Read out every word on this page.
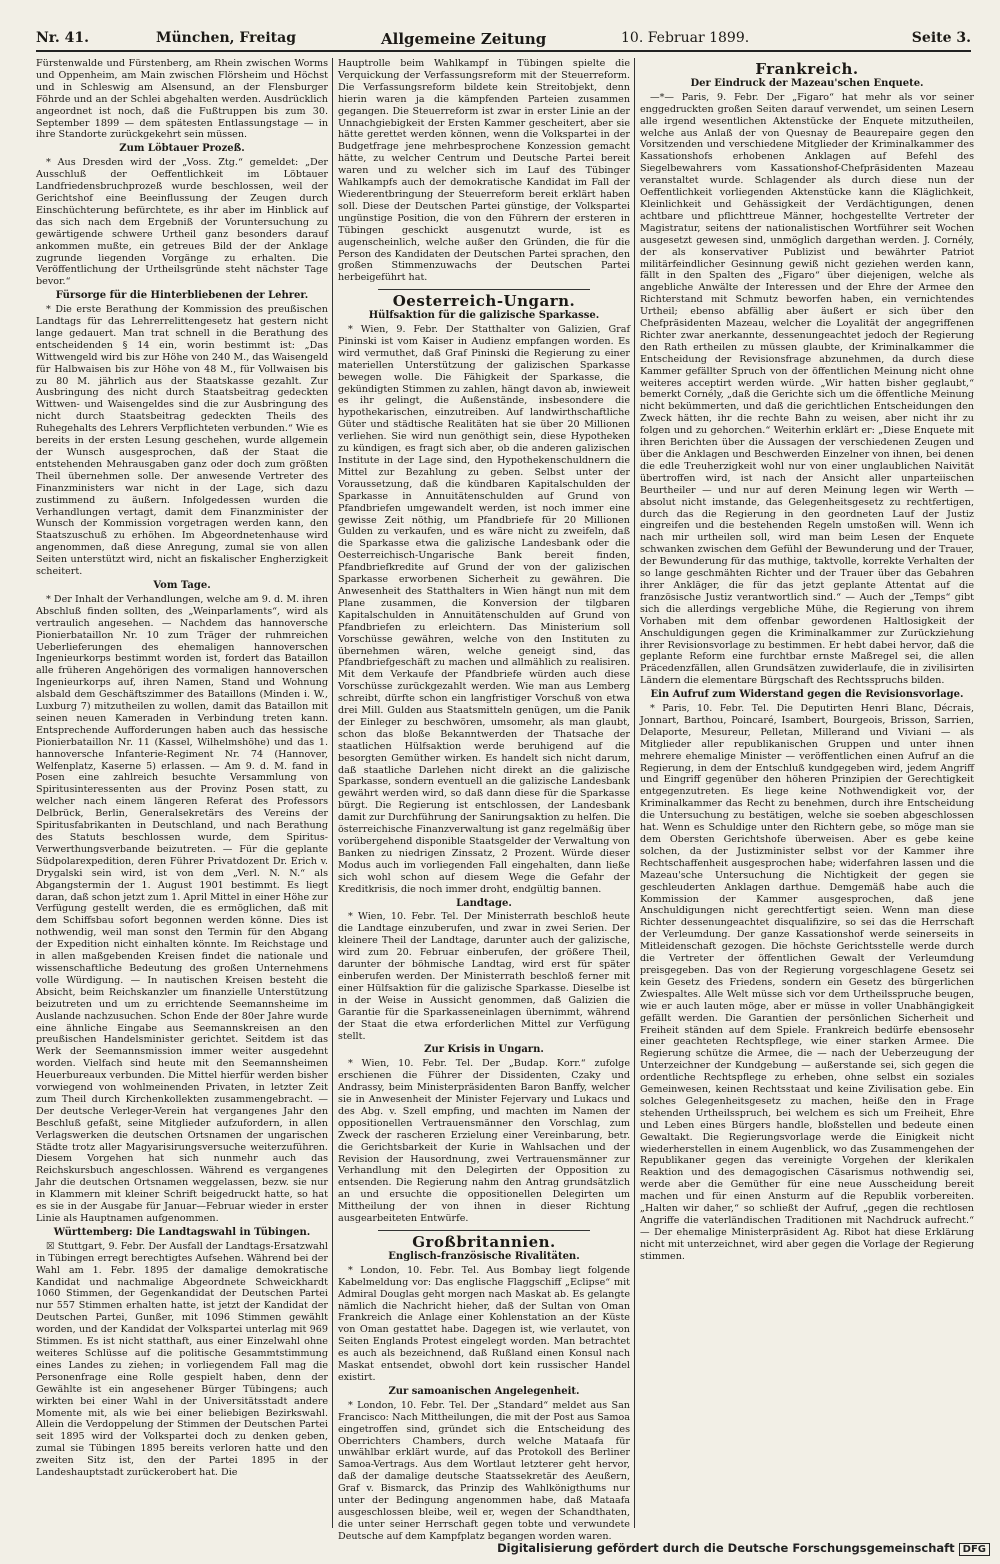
Nr. 41.	München, Freitag	Allgemeine Zeitung	10. Februar 1899.	Seite 3.

Fürstenwalde und Fürstenberg, am Rhein zwischen Worms und Oppenheim, am Main zwischen Flörsheim und Höchst und in Schleswig am Alsensund, an der Flensburger Föhrde und an der Schlei abgehalten werden. Ausdrücklich angeordnet ist noch, daß die Fußtruppen bis zum 30. September 1899 — dem spätesten Entlassungstage — in ihre Standorte zurückgekehrt sein müssen.

Zum Löbtauer Prozeß.

* Aus Dresden wird der „Voss. Ztg.“ gemeldet: „Der Ausschluß der Oeffentlichkeit im Löbtauer Landfriedensbruchprozeß wurde beschlossen, weil der Gerichtshof eine Beeinflussung der Zeugen durch Einschüchterung befürchtete, es ihr aber im Hinblick auf das sich nach dem Ergebniß der Voruntersuchung zu gewärtigende schwere Urtheil ganz besonders darauf ankommen mußte, ein getreues Bild der der Anklage zugrunde liegenden Vorgänge zu erhalten. Die Veröffentlichung der Urtheilsgründe steht nächster Tage bevor.“

Fürsorge für die Hinterbliebenen der Lehrer.

* Die erste Berathung der Kommission des preußischen Landtags für das Lehrerrelittengesetz hat gestern nicht lange gedauert. Man trat schnell in die Berathung des entscheidenden § 14 ein, worin bestimmt ist: „Das Wittwengeld wird bis zur Höhe von 240 M., das Waisengeld für Halbwaisen bis zur Höhe von 48 M., für Vollwaisen bis zu 80 M. jährlich aus der Staatskasse gezahlt. Zur Ausbringung des nicht durch Staatsbeitrag gedeckten Wittwen- und Waisengeldes sind die zur Ausbringung des nicht durch Staatsbeitrag gedeckten Theils des Ruhegehalts des Lehrers Verpflichteten verbunden.“ Wie es bereits in der ersten Lesung geschehen, wurde allgemein der Wunsch ausgesprochen, daß der Staat die entstehenden Mehrausgaben ganz oder doch zum größten Theil übernehmen solle. Der anwesende Vertreter des Finanzministers war nicht in der Lage, sich dazu zustimmend zu äußern. Infolgedessen wurden die Verhandlungen vertagt, damit dem Finanzminister der Wunsch der Kommission vorgetragen werden kann, den Staatszuschuß zu erhöhen. Im Abgeordnetenhause wird angenommen, daß diese Anregung, zumal sie von allen Seiten unterstützt wird, nicht an fiskalischer Engherzigkeit scheitert.

Vom Tage.

* Der Inhalt der Verhandlungen, welche am 9. d. M. ihren Abschluß finden sollten, des „Weinparlaments“, wird als vertraulich angesehen. — Nachdem das hannoversche Pionierbataillon Nr. 10 zum Träger der ruhmreichen Ueberlieferungen des ehemaligen hannoverschen Ingenieurkorps bestimmt worden ist, fordert das Bataillon alle früheren Angehörigen des vormaligen hannoverschen Ingenieurkorps auf, ihren Namen, Stand und Wohnung alsbald dem Geschäftszimmer des Bataillons (Minden i. W., Luxburg 7) mitzutheilen zu wollen, damit das Bataillon mit seinen neuen Kameraden in Verbindung treten kann. Entsprechende Aufforderungen haben auch das hessische Pionierbataillon Nr. 11 (Kassel, Wilhelmshöhe) und das 1. hannoversche Infanterie-Regiment Nr. 74 (Hannover, Welfenplatz, Kaserne 5) erlassen. — Am 9. d. M. fand in Posen eine zahlreich besuchte Versammlung von Spiritusinteressenten aus der Provinz Posen statt, zu welcher nach einem längeren Referat des Professors Delbrück, Berlin, Generalsekretärs des Vereins der Spiritusfabrikanten in Deutschland, und nach Berathung des Statuts beschlossen wurde, dem Spiritus-Verwerthungsverbande beizutreten. — Für die geplante Südpolarexpedition, deren Führer Privatdozent Dr. Erich v. Drygalski sein wird, ist von dem „Verl. N. N.“ als Abgangstermin der 1. August 1901 bestimmt. Es liegt daran, daß schon jetzt zum 1. April Mittel in einer Höhe zur Verfügung gestellt werden, die es ermöglichen, daß mit dem Schiffsbau sofort begonnen werden könne. Dies ist nothwendig, weil man sonst den Termin für den Abgang der Expedition nicht einhalten könnte. Im Reichstage und in allen maßgebenden Kreisen findet die nationale und wissenschaftliche Bedeutung des großen Unternehmens volle Würdigung. — In nautischen Kreisen besteht die Absicht, beim Reichskanzler um finanzielle Unterstützung beizutreten und um zu errichtende Seemannsheime im Auslande nachzusuchen. Schon Ende der 80er Jahre wurde eine ähnliche Eingabe aus Seemannskreisen an den preußischen Handelsminister gerichtet. Seitdem ist das Werk der Seemannsmission immer weiter ausgedehnt worden. Vielfach sind heute mit den Seemannsheimen Heuerbureaux verbunden. Die Mittel hierfür werden bisher vorwiegend von wohlmeinenden Privaten, in letzter Zeit zum Theil durch Kirchenkollekten zusammengebracht. — Der deutsche Verleger-Verein hat vergangenes Jahr den Beschluß gefaßt, seine Mitglieder aufzufordern, in allen Verlagswerken die deutschen Ortsnamen der ungarischen Städte trotz aller Magyarisirungsversuche weiterzuführen. Diesem Vorgehen hat sich nunmehr auch das Reichskursbuch angeschlossen. Während es vergangenes Jahr die deutschen Ortsnamen weggelassen, bezw. sie nur in Klammern mit kleiner Schrift beigedruckt hatte, so hat es sie in der Ausgabe für Januar—Februar wieder in erster Linie als Hauptnamen aufgenommen.

Württemberg: Die Landtagswahl in Tübingen.

☒ Stuttgart, 9. Febr. Der Ausfall der Landtags-Ersatzwahl in Tübingen erregt berechtigtes Aufsehen. Während bei der Wahl am 1. Febr. 1895 der damalige demokratische Kandidat und nachmalige Abgeordnete Schweickhardt 1060 Stimmen, der Gegenkandidat der Deutschen Partei nur 557 Stimmen erhalten hatte, ist jetzt der Kandidat der Deutschen Partei, Gunßer, mit 1096 Stimmen gewählt worden, und der Kandidat der Volkspartei unterlag mit 969 Stimmen. Es ist nicht statthaft, aus einer Einzelwahl ohne weiteres Schlüsse auf die politische Gesammtstimmung eines Landes zu ziehen; in vorliegendem Fall mag die Personenfrage eine Rolle gespielt haben, denn der Gewählte ist ein angesehener Bürger Tübingens; auch wirkten bei einer Wahl in der Universitätsstadt andere Momente mit, als wie bei einer beliebigen Bezirkswahl. Allein die Verdoppelung der Stimmen der Deutschen Partei seit 1895 wird der Volkspartei doch zu denken geben, zumal sie Tübingen 1895 bereits verloren hatte und den zweiten Sitz ist, den der Partei 1895 in der Landeshauptstadt zurückerobert hat. Die

Hauptrolle beim Wahlkampf in Tübingen spielte die Verquickung der Verfassungsreform mit der Steuerreform. Die Verfassungsreform bildete kein Streitobjekt, denn hierin waren ja die kämpfenden Parteien zusammen gegangen. Die Steuerreform ist zwar in erster Linie an der Unnachgiebigkeit der Ersten Kammer gescheitert, aber sie hätte gerettet werden können, wenn die Volkspartei in der Budgetfrage jene mehrbesprochene Konzession gemacht hätte, zu welcher Centrum und Deutsche Partei bereit waren und zu welcher sich im Lauf des Tübinger Wahlkampfs auch der demokratische Kandidat im Fall der Wiederentbringung der Steuerreform bereit erklärt haben soll. Diese der Deutschen Partei günstige, der Volkspartei ungünstige Position, die von den Führern der ersteren in Tübingen geschickt ausgenutzt wurde, ist es augenscheinlich, welche außer den Gründen, die für die Person des Kandidaten der Deutschen Partei sprachen, den großen Stimmenzuwachs der Deutschen Partei herbeigeführt hat.

Oesterreich-Ungarn.

Hülfsaktion für die galizische Sparkasse.

* Wien, 9. Febr. Der Statthalter von Galizien, Graf Pininski ist vom Kaiser in Audienz empfangen worden. Es wird vermuthet, daß Graf Pininski die Regierung zu einer materiellen Unterstützung der galizischen Sparkasse bewegen wolle. Die Fähigkeit der Sparkasse, die gekündigten Stimmen zu zahlen, hängt davon ab, inwieweit es ihr gelingt, die Außenstände, insbesondere die hypothekarischen, einzutreiben. Auf landwirthschaftliche Güter und städtische Realitäten hat sie über 20 Millionen verliehen. Sie wird nun genöthigt sein, diese Hypotheken zu kündigen, es fragt sich aber, ob die anderen galizischen Institute in der Lage sind, den Hypothekenschuldnern die Mittel zur Bezahlung zu geben. Selbst unter der Voraussetzung, daß die kündbaren Kapitalschulden der Sparkasse in Annuitätenschulden auf Grund von Pfandbriefen umgewandelt werden, ist noch immer eine gewisse Zeit nöthig, um Pfandbriefe für 20 Millionen Gulden zu verkaufen, und es wäre nicht zu zweifeln, daß die Sparkasse etwa die galizische Landesbank oder die Oesterreichisch-Ungarische Bank bereit finden, Pfandbriefkredite auf Grund der von der galizischen Sparkasse erworbenen Sicherheit zu gewähren. Die Anwesenheit des Statthalters in Wien hängt nun mit dem Plane zusammen, die Konversion der tilgbaren Kapitalschulden in Annuitätenschulden auf Grund von Pfandbriefen zu erleichtern. Das Ministerium soll Vorschüsse gewähren, welche von den Instituten zu übernehmen wären, welche geneigt sind, das Pfandbriefgeschäft zu machen und allmählich zu realisiren. Mit dem Verkaufe der Pfandbriefe würden auch diese Vorschüsse zurückgezahlt werden. Wie man aus Lemberg schreibt, dürfte schon ein langfristiger Vorschuß von etwa drei Mill. Gulden aus Staatsmitteln genügen, um die Panik der Einleger zu beschwören, umsomehr, als man glaubt, schon das bloße Bekanntwerden der Thatsache der staatlichen Hülfsaktion werde beruhigend auf die besorgten Gemüther wirken. Es handelt sich nicht darum, daß staatliche Darlehen nicht direkt an die galizische Sparkasse, sondern eventuell an die galizische Landesbank gewährt werden wird, so daß dann diese für die Sparkasse bürgt. Die Regierung ist entschlossen, der Landesbank damit zur Durchführung der Sanirungsaktion zu helfen. Die österreichische Finanzverwaltung ist ganz regelmäßig über vorübergehend disponible Staatsgelder der Verwaltung von Banken zu niedrigen Zinssatz, 2 Prozent. Würde dieser Modus auch im vorliegenden Fall eingehalten, dann ließe sich wohl schon auf diesem Wege die Gefahr der Kreditkrisis, die noch immer droht, endgültig bannen.

Landtage.

* Wien, 10. Febr. Tel. Der Ministerrath beschloß heute die Landtage einzuberufen, und zwar in zwei Serien. Der kleinere Theil der Landtage, darunter auch der galizische, wird zum 20. Februar einberufen, der größere Theil, darunter der böhmische Landtag, wird erst für später einberufen werden. Der Ministerrath beschloß ferner mit einer Hülfsaktion für die galizische Sparkasse. Dieselbe ist in der Weise in Aussicht genommen, daß Galizien die Garantie für die Sparkasseneinlagen übernimmt, während der Staat die etwa erforderlichen Mittel zur Verfügung stellt.

Zur Krisis in Ungarn.

* Wien, 10. Febr. Tel. Der „Budap. Korr.“ zufolge erschienen die Führer der Dissidenten, Czaky und Andrassy, beim Ministerpräsidenten Baron Banffy, welcher sie in Anwesenheit der Minister Fejervary und Lukacs und des Abg. v. Szell empfing, und machten im Namen der oppositionellen Vertrauensmänner den Vorschlag, zum Zweck der rascheren Erzielung einer Vereinbarung, betr. die Gerichtsbarkeit der Kurie in Wahlsachen und der Revision der Hausordnung, zwei Vertrauensmänner zur Verhandlung mit den Delegirten der Opposition zu entsenden. Die Regierung nahm den Antrag grundsätzlich an und ersuchte die oppositionellen Delegirten um Mittheilung der von ihnen in dieser Richtung ausgearbeiteten Entwürfe.

Großbritannien.

Englisch-französische Rivalitäten.

* London, 10. Febr. Tel. Aus Bombay liegt folgende Kabelmeldung vor: Das englische Flaggschiff „Eclipse“ mit Admiral Douglas geht morgen nach Maskat ab. Es gelangte nämlich die Nachricht hieher, daß der Sultan von Oman Frankreich die Anlage einer Kohlenstation an der Küste von Oman gestattet habe. Dagegen ist, wie verlautet, von Seiten Englands Protest eingelegt worden. Man betrachtet es auch als bezeichnend, daß Rußland einen Konsul nach Maskat entsendet, obwohl dort kein russischer Handel existirt.

Zur samoanischen Angelegenheit.

* London, 10. Febr. Tel. Der „Standard“ meldet aus San Francisco: Nach Mittheilungen, die mit der Post aus Samoa eingetroffen sind, gründet sich die Entscheidung des Oberrichters Chambers, durch welche Mataafa für unwählbar erklärt wurde, auf das Protokoll des Berliner Samoa-Vertrags. Aus dem Wortlaut letzterer geht hervor, daß der damalige deutsche Staatssekretär des Aeußern, Graf v. Bismarck, das Prinzip des Wahlkönigthums nur unter der Bedingung angenommen habe, daß Mataafa ausgeschlossen bleibe, weil er, wegen der Schandthaten, die unter seiner Herrschaft gegen tobte und verwundete Deutsche auf dem Kampfplatz begangen worden waren.

Frankreich.

Der Eindruck der Mazeau'schen Enquete.

—*— Paris, 9. Febr. Der „Figaro“ hat mehr als vor seiner enggedruckten großen Seiten darauf verwendet, um seinen Lesern alle irgend wesentlichen Aktenstücke der Enquete mitzutheilen, welche aus Anlaß der von Quesnay de Beaurepaire gegen den Vorsitzenden und verschiedene Mitglieder der Kriminalkammer des Kassationshofs erhobenen Anklagen auf Befehl des Siegelbewahrers vom Kassationshof-Chefpräsidenten Mazeau veranstaltet wurde. Schlagender als durch diese nun der Oeffentlichkeit vorliegenden Aktenstücke kann die Kläglichkeit, Kleinlichkeit und Gehässigkeit der Verdächtigungen, denen achtbare und pflichttreue Männer, hochgestellte Vertreter der Magistratur, seitens der nationalistischen Wortführer seit Wochen ausgesetzt gewesen sind, unmöglich dargethan werden. J. Cornély, der als konservativer Publizist und bewährter Patriot militärfeindlicher Gesinnung gewiß nicht geziehen werden kann, fällt in den Spalten des „Figaro“ über diejenigen, welche als angebliche Anwälte der Interessen und der Ehre der Armee den Richterstand mit Schmutz beworfen haben, ein vernichtendes Urtheil; ebenso abfällig aber äußert er sich über den Chefpräsidenten Mazeau, welcher die Loyalität der angegriffenen Richter zwar anerkannte, dessenungeachtet jedoch der Regierung den Rath ertheilen zu müssen glaubte, der Kriminalkammer die Entscheidung der Revisionsfrage abzunehmen, da durch diese Kammer gefällter Spruch von der öffentlichen Meinung nicht ohne weiteres acceptirt werden würde. „Wir hatten bisher geglaubt,“ bemerkt Cornély, „daß die Gerichte sich um die öffentliche Meinung nicht bekümmerten, und daß die gerichtlichen Entscheidungen den Zweck hätten, ihr die rechte Bahn zu weisen, aber nicht ihr zu folgen und zu gehorchen.“ Weiterhin erklärt er: „Diese Enquete mit ihren Berichten über die Aussagen der verschiedenen Zeugen und über die Anklagen und Beschwerden Einzelner von ihnen, bei denen die edle Treuherzigkeit wohl nur von einer unglaublichen Naivität übertroffen wird, ist nach der Ansicht aller unparteiischen Beurtheiler — und nur auf deren Meinung legen wir Werth — absolut nicht imstande, das Gelegenheitsgesetz zu rechtfertigen, durch das die Regierung in den geordneten Lauf der Justiz eingreifen und die bestehenden Regeln umstoßen will. Wenn ich nach mir urtheilen soll, wird man beim Lesen der Enquete schwanken zwischen dem Gefühl der Bewunderung und der Trauer, der Bewunderung für das muthige, taktvolle, korrekte Verhalten der so lange geschmähten Richter und der Trauer über das Gebahren ihrer Ankläger, die für das jetzt geplante Attentat auf die französische Justiz verantwortlich sind.“ — Auch der „Temps“ gibt sich die allerdings vergebliche Mühe, die Regierung von ihrem Vorhaben mit dem offenbar gewordenen Haltlosigkeit der Anschuldigungen gegen die Kriminalkammer zur Zurückziehung ihrer Revisionsvorlage zu bestimmen. Er hebt dabei hervor, daß die geplante Reform eine furchtbar ernste Maßregel sei, die allen Präcedenzfällen, allen Grundsätzen zuwiderlaufe, die in zivilisirten Ländern die elementare Bürgschaft des Rechtsspruchs bilden.

Ein Aufruf zum Widerstand gegen die Revisionsvorlage.

* Paris, 10. Febr. Tel. Die Deputirten Henri Blanc, Décrais, Jonnart, Barthou, Poincaré, Isambert, Bourgeois, Brisson, Sarrien, Delaporte, Mesureur, Pelletan, Millerand und Viviani — als Mitglieder aller republikanischen Gruppen und unter ihnen mehrere ehemalige Minister — veröffentlichen einen Aufruf an die Regierung, in dem der Entschluß kundgegeben wird, jedem Angriff und Eingriff gegenüber den höheren Prinzipien der Gerechtigkeit entgegenzutreten. Es liege keine Nothwendigkeit vor, der Kriminalkammer das Recht zu benehmen, durch ihre Entscheidung die Untersuchung zu bestätigen, welche sie soeben abgeschlossen hat. Wenn es Schuldige unter den Richtern gebe, so möge man sie dem Obersten Gerichtshofe überweisen. Aber es gebe keine solchen, da der Justizminister selbst vor der Kammer ihre Rechtschaffenheit ausgesprochen habe; widerfahren lassen und die Mazeau'sche Untersuchung die Nichtigkeit der gegen sie geschleuderten Anklagen darthue. Demgemäß habe auch die Kommission der Kammer ausgesprochen, daß jene Anschuldigungen nicht gerechtfertigt seien. Wenn man diese Richter dessenungeachtet disqualifizire, so sei das die Herrschaft der Verleumdung. Der ganze Kassationshof werde seinerseits in Mitleidenschaft gezogen. Die höchste Gerichtsstelle werde durch die Vertreter der öffentlichen Gewalt der Verleumdung preisgegeben. Das von der Regierung vorgeschlagene Gesetz sei kein Gesetz des Friedens, sondern ein Gesetz des bürgerlichen Zwiespaltes. Alle Welt müsse sich vor dem Urtheilsspruche beugen, wie er auch lauten möge, aber er müsse in voller Unabhängigkeit gefällt werden. Die Garantien der persönlichen Sicherheit und Freiheit ständen auf dem Spiele. Frankreich bedürfe ebensosehr einer geachteten Rechtspflege, wie einer starken Armee. Die Regierung schütze die Armee, die — nach der Ueberzeugung der Unterzeichner der Kundgebung — außerstande sei, sich gegen die ordentliche Rechtspflege zu erheben, ohne selbst ein soziales Gemeinwesen, keinen Rechtsstaat und keine Zivilisation gebe. Ein solches Gelegenheitsgesetz zu machen, heiße den in Frage stehenden Urtheilsspruch, bei welchem es sich um Freiheit, Ehre und Leben eines Bürgers handle, bloßstellen und bedeute einen Gewaltakt. Die Regierungsvorlage werde die Einigkeit nicht wiederherstellen in einem Augenblick, wo das Zusammengehen der Republikaner gegen das vereinigte Vorgehen der klerikalen Reaktion und des demagogischen Cäsarismus nothwendig sei, werde aber die Gemüther für eine neue Ausscheidung bereit machen und für einen Ansturm auf die Republik vorbereiten. „Halten wir daher,“ so schließt der Aufruf, „gegen die rechtlosen Angriffe die vaterländischen Traditionen mit Nachdruck aufrecht.“ — Der ehemalige Ministerpräsident Ag. Ribot hat diese Erklärung nicht mit unterzeichnet, wird aber gegen die Vorlage der Regierung stimmen.

Digitalisierung gefördert durch die Deutsche Forschungsgemeinschaft DFG
